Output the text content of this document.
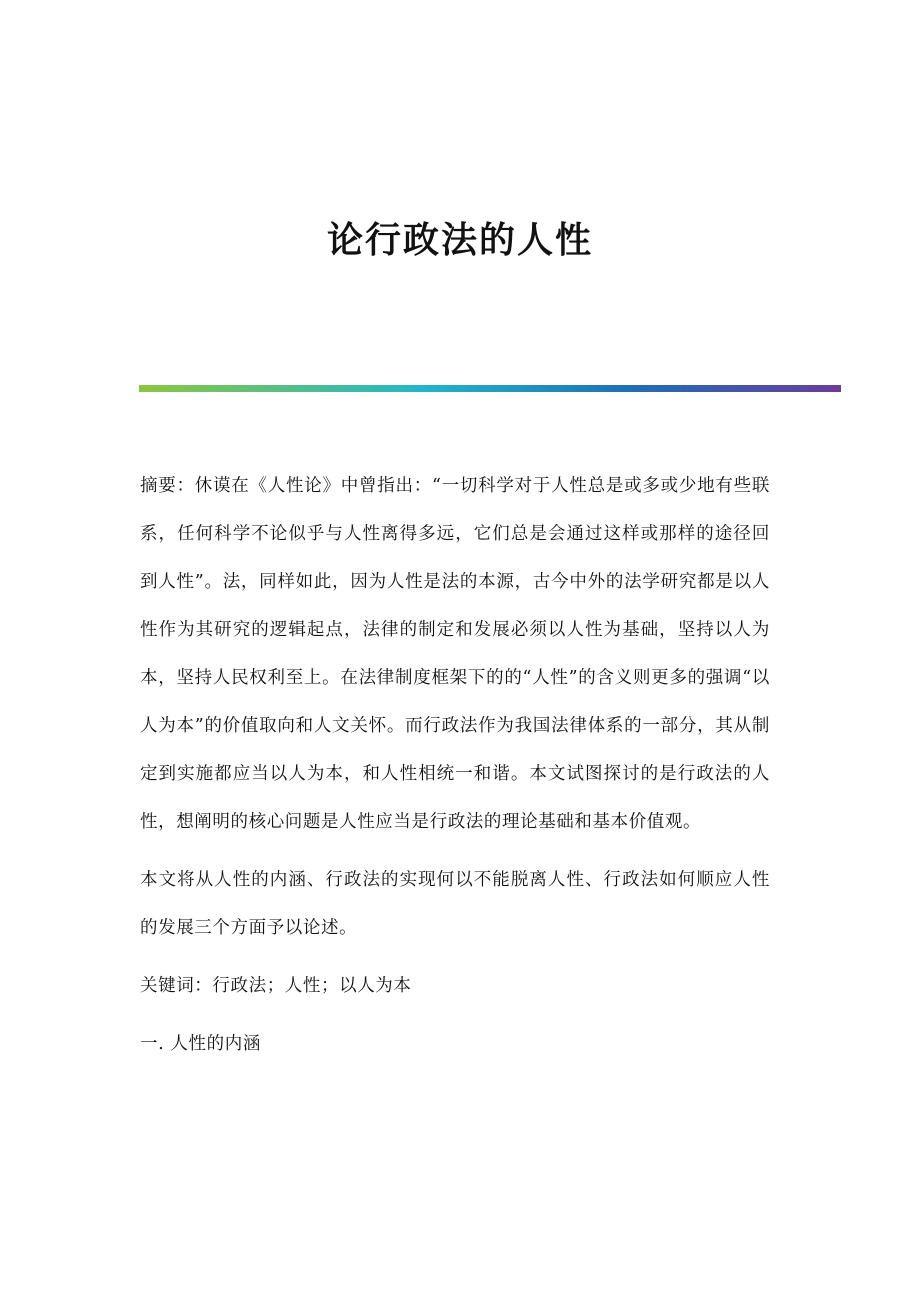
论行政法的人性

摘要：休谟在《人性论》中曾指出：“一切科学对于人性总是或多或少地有些联系，任何科学不论似乎与人性离得多远，它们总是会通过这样或那样的途径回到人性”。法，同样如此，因为人性是法的本源，古今中外的法学研究都是以人性作为其研究的逻辑起点，法律的制定和发展必须以人性为基础，坚持以人为本，坚持人民权利至上。在法律制度框架下的的“人性”的含义则更多的强调“以人为本”的价值取向和人文关怀。而行政法作为我国法律体系的一部分，其从制定到实施都应当以人为本，和人性相统一和谐。本文试图探讨的是行政法的人性，想阐明的核心问题是人性应当是行政法的理论基础和基本价值观。

本文将从人性的内涵、行政法的实现何以不能脱离人性、行政法如何顺应人性的发展三个方面予以论述。

关键词：行政法；人性；以人为本

一. 人性的内涵
